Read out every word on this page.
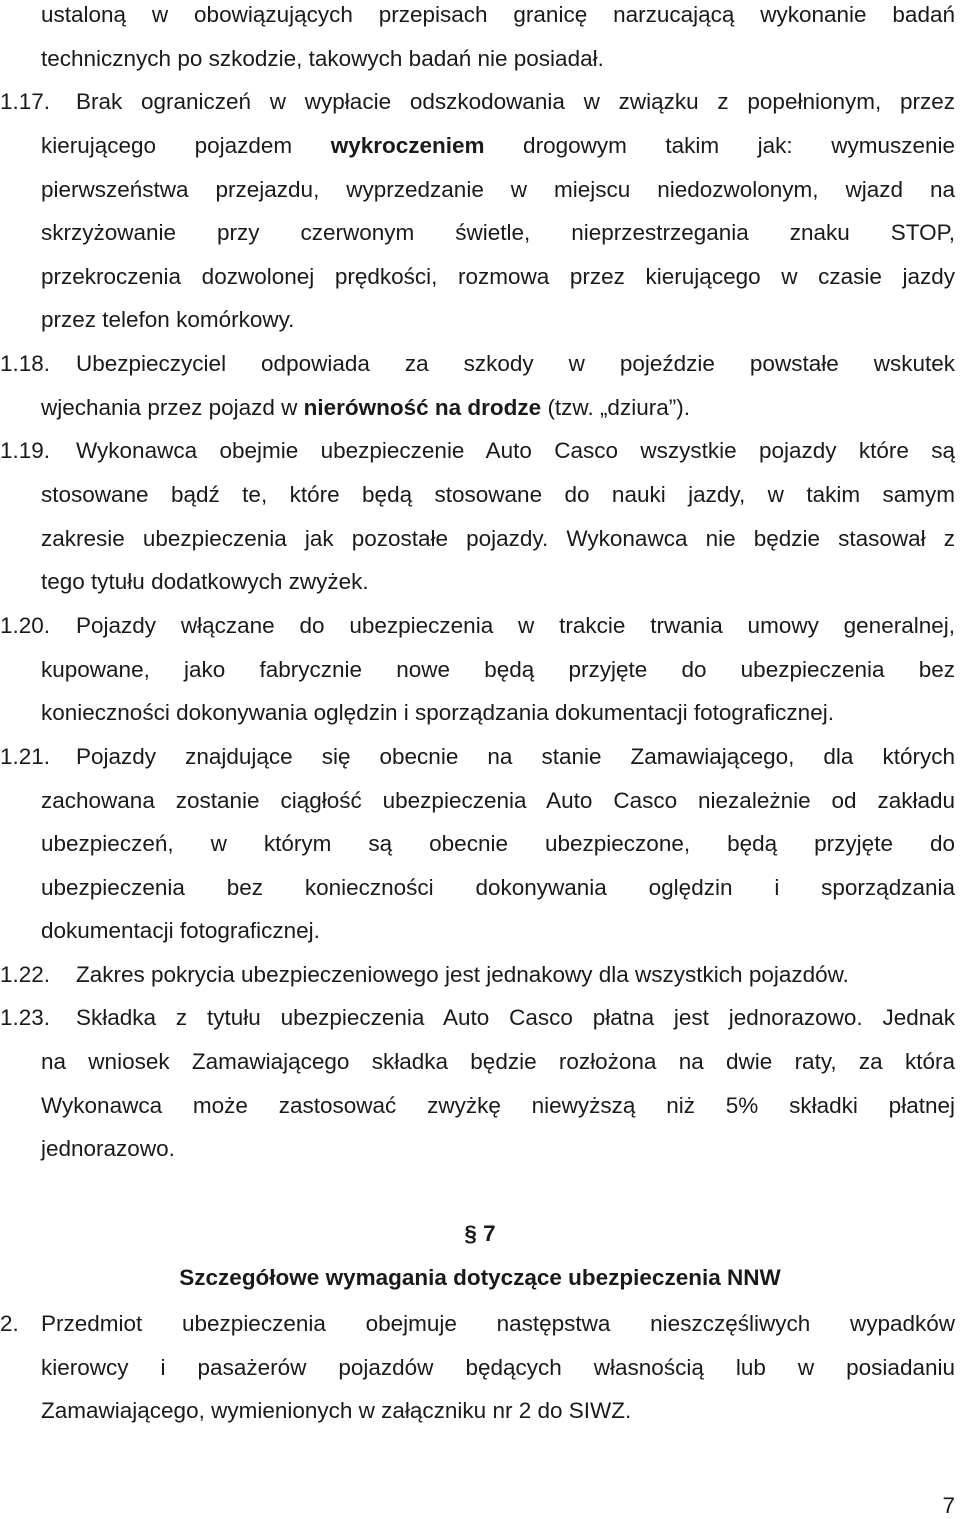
ustaloną w obowiązujących przepisach granicę narzucającą wykonanie badań
technicznych po szkodzie, takowych badań nie posiadał.
1.17. Brak ograniczeń w wypłacie odszkodowania w związku z popełnionym, przez
kierującego pojazdem wykroczeniem drogowym takim jak: wymuszenie
pierwszeństwa przejazdu, wyprzedzanie w miejscu niedozwolonym, wjazd na
skrzyżowanie przy czerwonym świetle, nieprzestrzegania znaku STOP,
przekroczenia dozwolonej prędkości, rozmowa przez kierującego w czasie jazdy
przez telefon komórkowy.
1.18. Ubezpieczyciel odpowiada za szkody w pojeździe powstałe wskutek
wjechania przez pojazd w nierówność na drodze (tzw. „dziura”).
1.19. Wykonawca obejmie ubezpieczenie Auto Casco wszystkie pojazdy które są
stosowane bądź te, które będą stosowane do nauki jazdy, w takim samym
zakresie ubezpieczenia jak pozostałe pojazdy. Wykonawca nie będzie stasował z
tego tytułu dodatkowych zwyżek.
1.20. Pojazdy włączane do ubezpieczenia w trakcie trwania umowy generalnej,
kupowane, jako fabrycznie nowe będą przyjęte do ubezpieczenia bez
konieczności dokonywania oględzin i sporządzania dokumentacji fotograficznej.
1.21. Pojazdy znajdujące się obecnie na stanie Zamawiającego, dla których
zachowana zostanie ciągłość ubezpieczenia Auto Casco niezależnie od zakładu
ubezpieczeń, w którym są obecnie ubezpieczone, będą przyjęte do
ubezpieczenia bez konieczności dokonywania oględzin i sporządzania
dokumentacji fotograficznej.
1.22. Zakres pokrycia ubezpieczeniowego jest jednakowy dla wszystkich pojazdów.
1.23. Składka z tytułu ubezpieczenia Auto Casco płatna jest jednorazowo. Jednak
na wniosek Zamawiającego składka będzie rozłożona na dwie raty, za która
Wykonawca może zastosować zwyżkę niewyższą niż 5% składki płatnej
jednorazowo.
§ 7
Szczegółowe wymagania dotyczące ubezpieczenia NNW
2. Przedmiot ubezpieczenia obejmuje następstwa nieszczęśliwych wypadków
kierowcy i pasażerów pojazdów będących własnością lub w posiadaniu
Zamawiającego, wymienionych w załączniku nr 2 do SIWZ.
7
